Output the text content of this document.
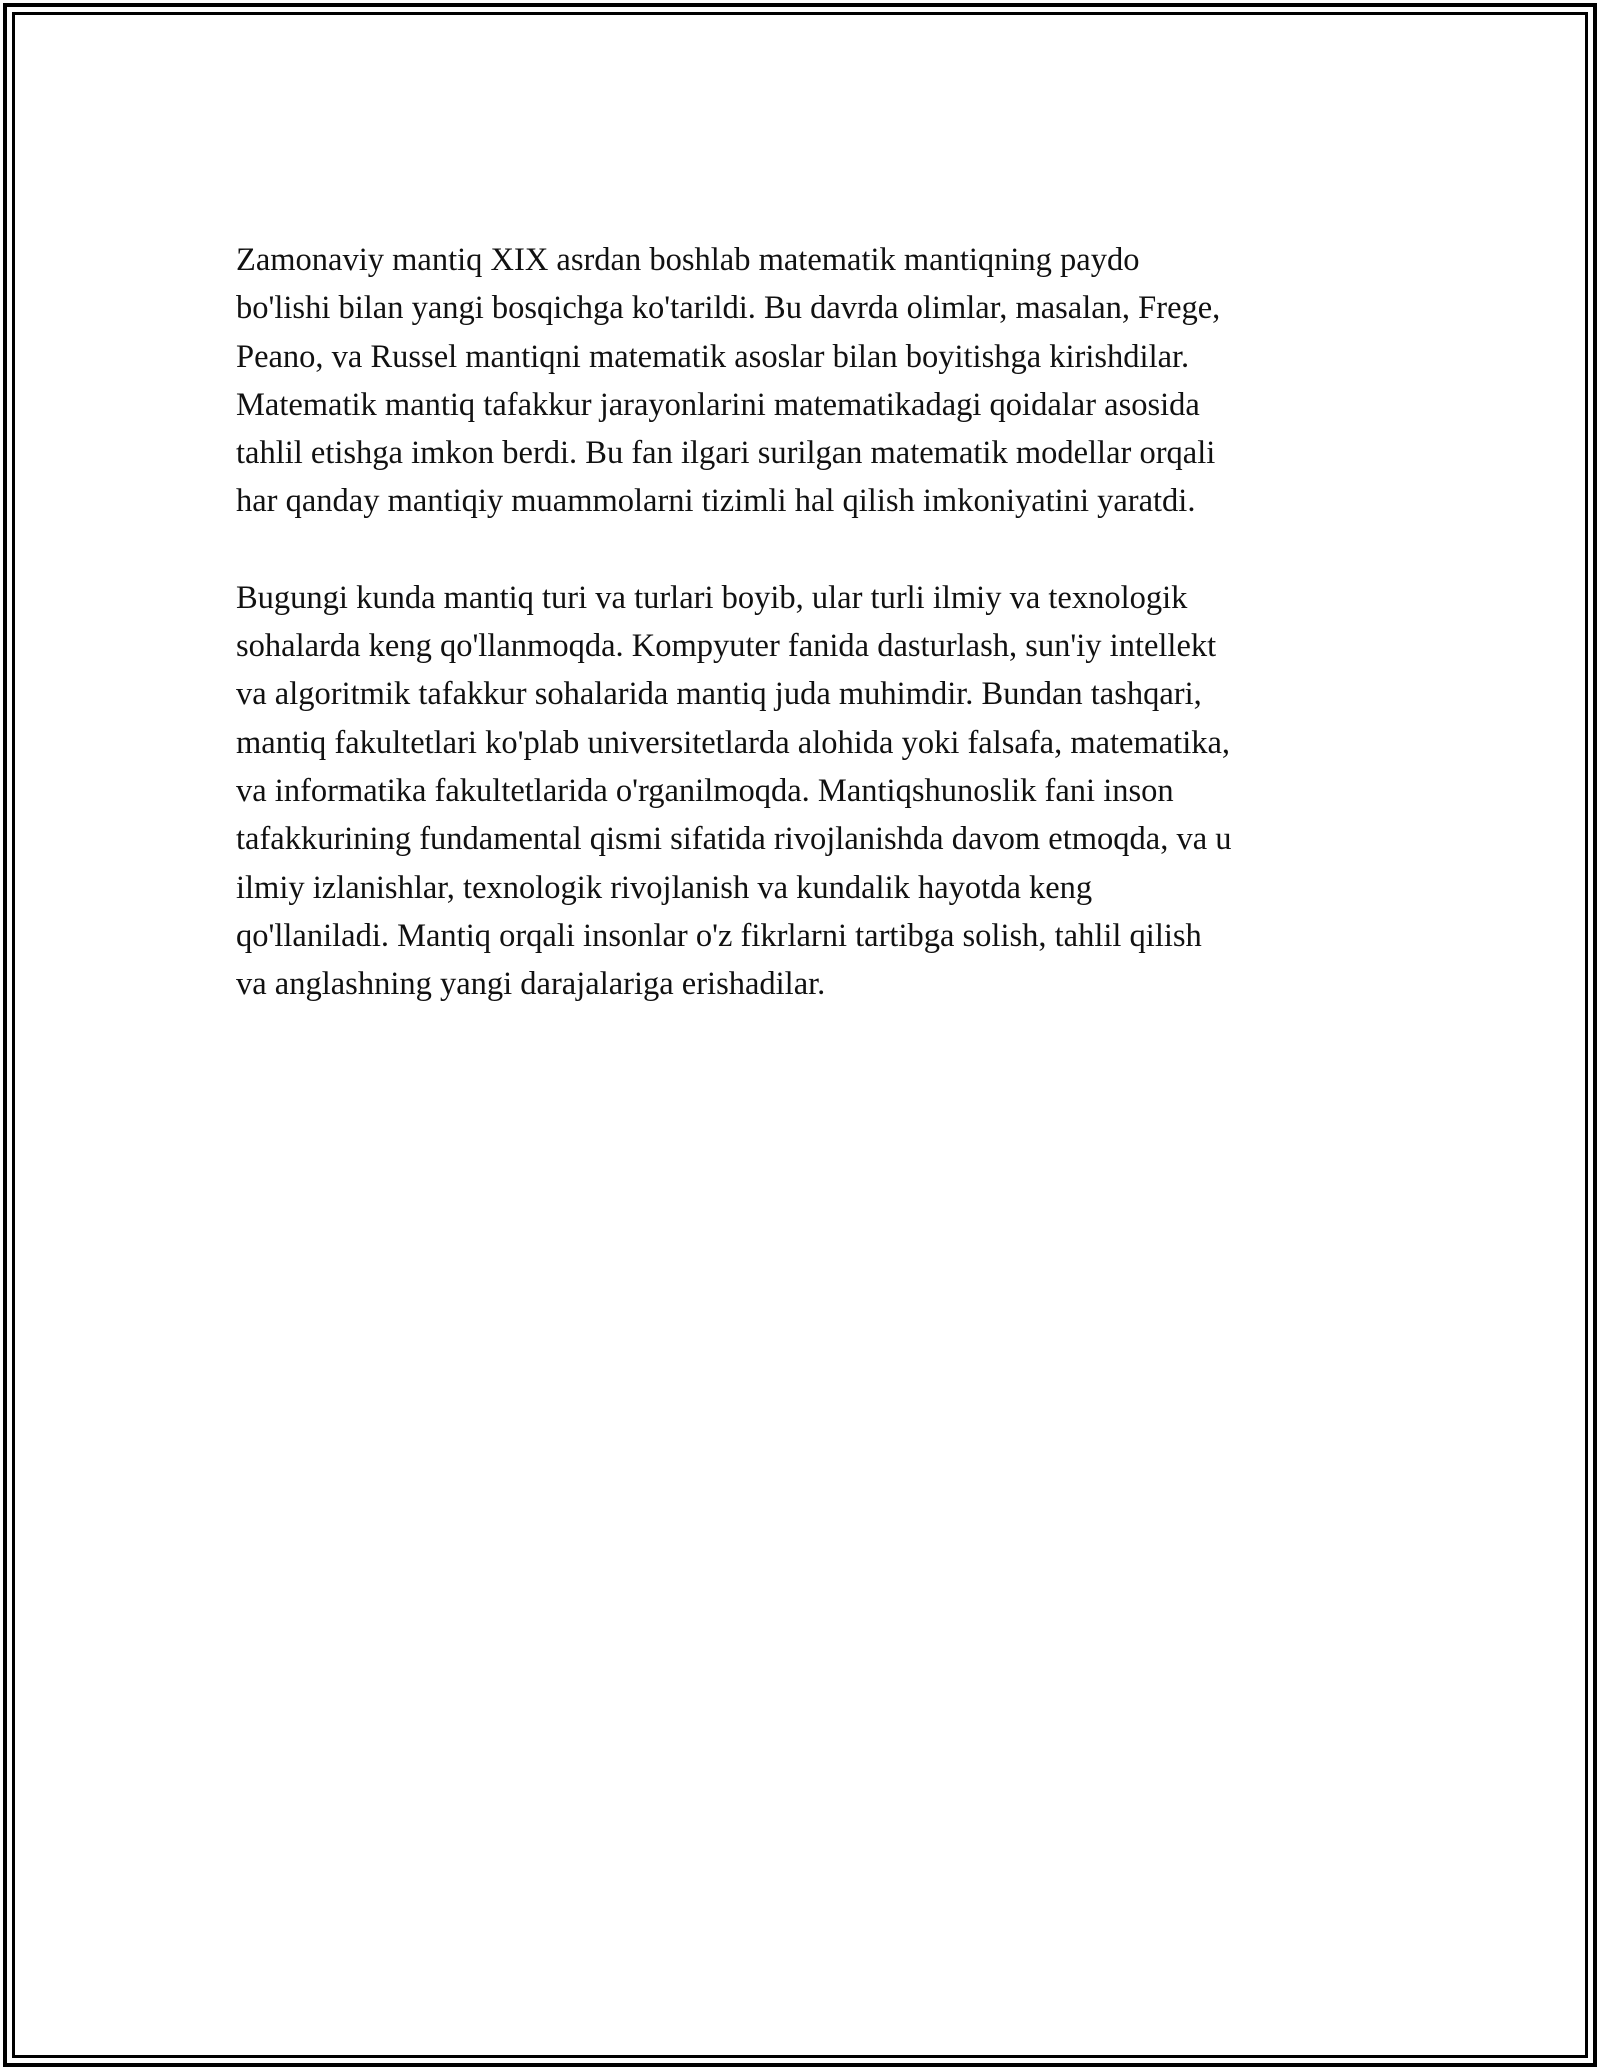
Zamonaviy mantiq XIX asrdan boshlab matematik mantiqning paydo
bo'lishi bilan yangi bosqichga ko'tarildi. Bu davrda olimlar, masalan, Frege,
Peano, va Russel mantiqni matematik asoslar bilan boyitishga kirishdilar.
Matematik mantiq tafakkur jarayonlarini matematikadagi qoidalar asosida
tahlil etishga imkon berdi. Bu fan ilgari surilgan matematik modellar orqali
har qanday mantiqiy muammolarni tizimli hal qilish imkoniyatini yaratdi.

Bugungi kunda mantiq turi va turlari boyib, ular turli ilmiy va texnologik
sohalarda keng qo'llanmoqda. Kompyuter fanida dasturlash, sun'iy intellekt
va algoritmik tafakkur sohalarida mantiq juda muhimdir. Bundan tashqari,
mantiq fakultetlari ko'plab universitetlarda alohida yoki falsafa, matematika,
va informatika fakultetlarida o'rganilmoqda. Mantiqshunoslik fani inson
tafakkurining fundamental qismi sifatida rivojlanishda davom etmoqda, va u
ilmiy izlanishlar, texnologik rivojlanish va kundalik hayotda keng
qo'llaniladi. Mantiq orqali insonlar o'z fikrlarni tartibga solish, tahlil qilish
va anglashning yangi darajalariga erishadilar.
